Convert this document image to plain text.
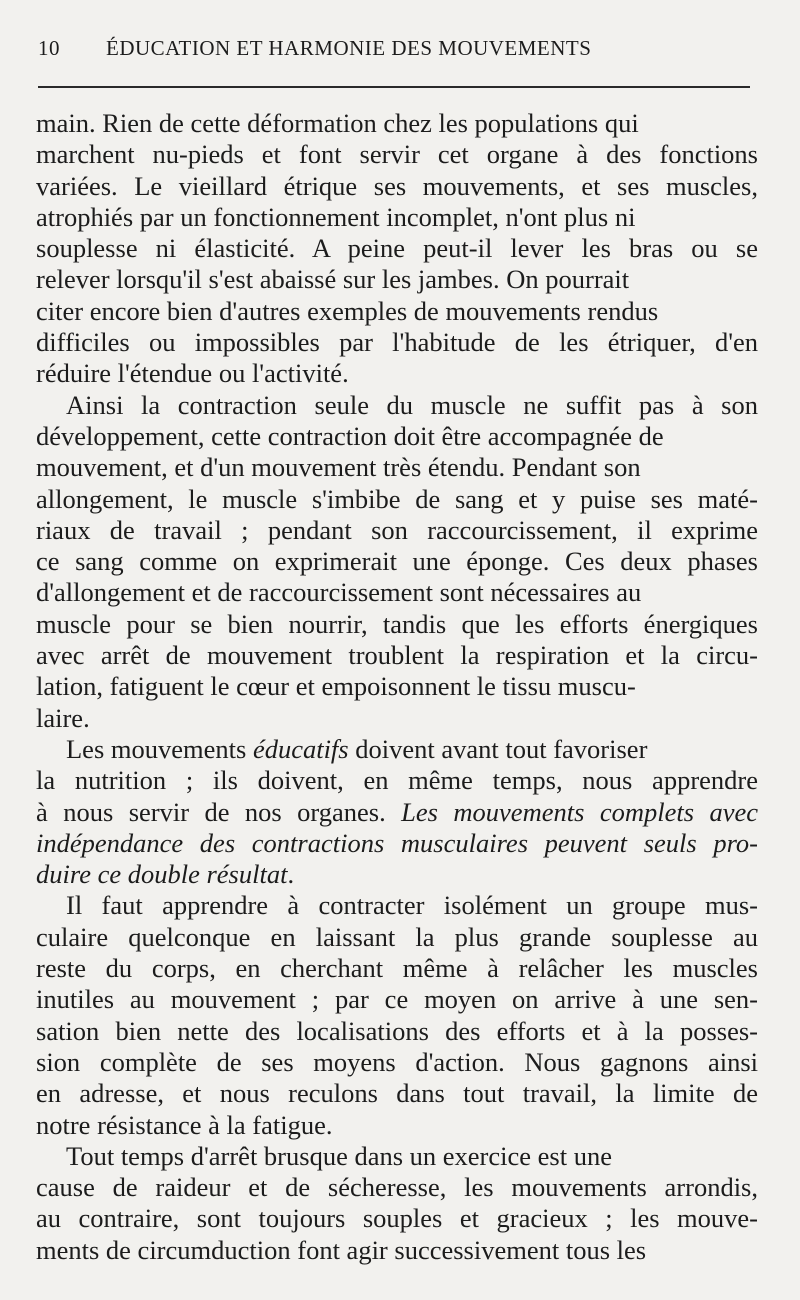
10 ÉDUCATION ET HARMONIE DES MOUVEMENTS
main. Rien de cette déformation chez les populations qui
marchent nu-pieds et font servir cet organe à des fonctions
variées. Le vieillard étrique ses mouvements, et ses muscles,
atrophiés par un fonctionnement incomplet, n'ont plus ni
souplesse ni élasticité. A peine peut-il lever les bras ou se
relever lorsqu'il s'est abaissé sur les jambes. On pourrait
citer encore bien d'autres exemples de mouvements rendus
difficiles ou impossibles par l'habitude de les étriquer, d'en
réduire l'étendue ou l'activité.
Ainsi la contraction seule du muscle ne suffit pas à son
développement, cette contraction doit être accompagnée de
mouvement, et d'un mouvement très étendu. Pendant son
allongement, le muscle s'imbibe de sang et y puise ses maté-
riaux de travail ; pendant son raccourcissement, il exprime
ce sang comme on exprimerait une éponge. Ces deux phases
d'allongement et de raccourcissement sont nécessaires au
muscle pour se bien nourrir, tandis que les efforts énergiques
avec arrêt de mouvement troublent la respiration et la circu-
lation, fatiguent le cœur et empoisonnent le tissu muscu-
laire.
Les mouvements éducatifs doivent avant tout favoriser
la nutrition ; ils doivent, en même temps, nous apprendre
à nous servir de nos organes. Les mouvements complets avec
indépendance des contractions musculaires peuvent seuls pro-
duire ce double résultat.
Il faut apprendre à contracter isolément un groupe mus-
culaire quelconque en laissant la plus grande souplesse au
reste du corps, en cherchant même à relâcher les muscles
inutiles au mouvement ; par ce moyen on arrive à une sen-
sation bien nette des localisations des efforts et à la posses-
sion complète de ses moyens d'action. Nous gagnons ainsi
en adresse, et nous reculons dans tout travail, la limite de
notre résistance à la fatigue.
Tout temps d'arrêt brusque dans un exercice est une
cause de raideur et de sécheresse, les mouvements arrondis,
au contraire, sont toujours souples et gracieux ; les mouve-
ments de circumduction font agir successivement tous les
